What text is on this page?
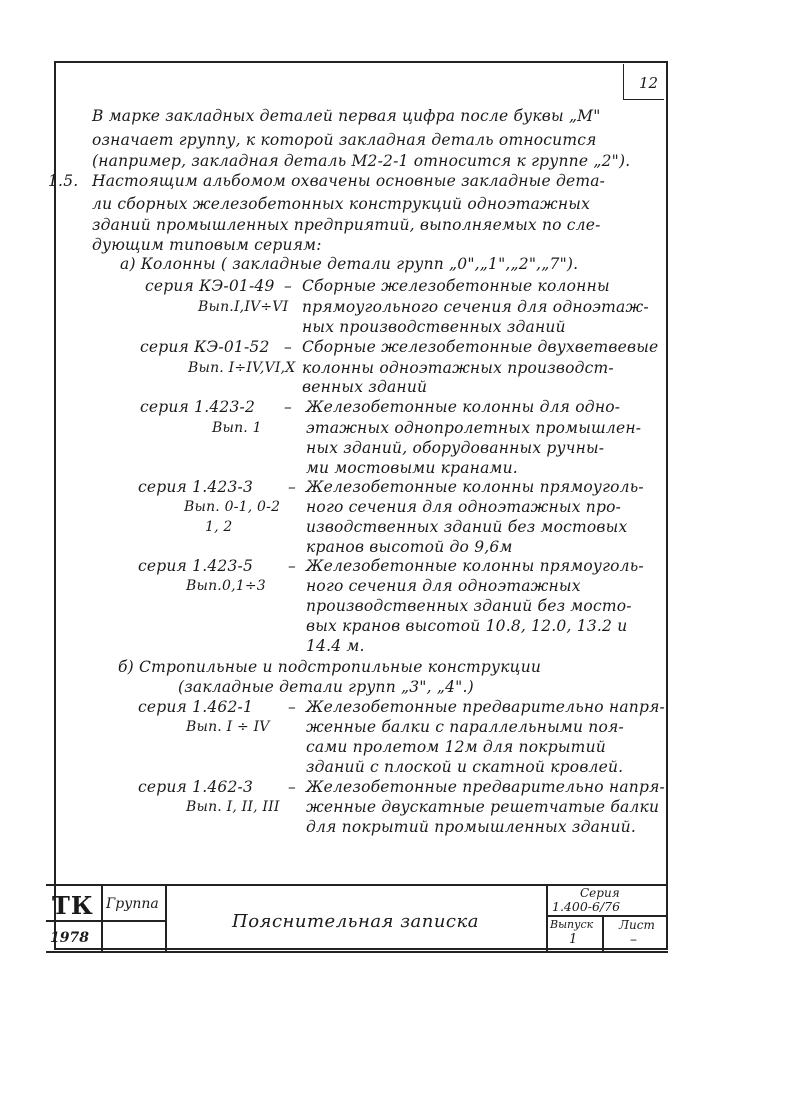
12
В марке закладных деталей первая цифра после буквы „М"
означает группу, к которой закладная деталь относится
(например, закладная деталь М2-2-1 относится к группе „2").
1.5. Настоящим альбомом охвачены основные закладные дета-
ли сборных железобетонных конструкций одноэтажных
зданий промышленных предприятий, выполняемых по сле-
дующим типовым сериям:
а) Колонны ( закладные детали групп „0",„1",„2",„7").
серия КЭ-01-49 –
Вып.I,IV÷VI
Сборные железобетонные колонны
прямоугольного сечения для одноэтаж-
ных производственных зданий
серия КЭ-01-52 –
Вып. I÷IV,VI,X
Сборные железобетонные двухветвевые
колонны одноэтажных производст-
венных зданий
серия 1.423-2 –
Вып. 1
Железобетонные колонны для одно-
этажных однопролетных промышлен-
ных зданий, оборудованных ручны-
ми мостовыми кранами.
серия 1.423-3 –
Вып. 0-1, 0-2
1, 2
Железобетонные колонны прямоуголь-
ного сечения для одноэтажных про-
изводственных зданий без мостовых
кранов высотой до 9,6м
серия 1.423-5 –
Вып.0,1÷3
Железобетонные колонны прямоуголь-
ного сечения для одноэтажных
производственных зданий без мосто-
вых кранов высотой 10.8, 12.0, 13.2 и
14.4 м.
б) Стропильные и подстропильные конструкции
(закладные детали групп „3", „4".)
серия 1.462-1 –
Вып. I ÷ IV
Железобетонные предварительно напря-
женные балки с параллельными поя-
сами пролетом 12м для покрытий
зданий с плоской и скатной кровлей.
серия 1.462-3 –
Вып. I, II, III
Железобетонные предварительно напря-
женные двускатные решетчатые балки
для покрытий промышленных зданий.
ТК Группа
1978
Пояснительная записка
Серия
1.400-6/76
Выпуск
1
Лист
–
